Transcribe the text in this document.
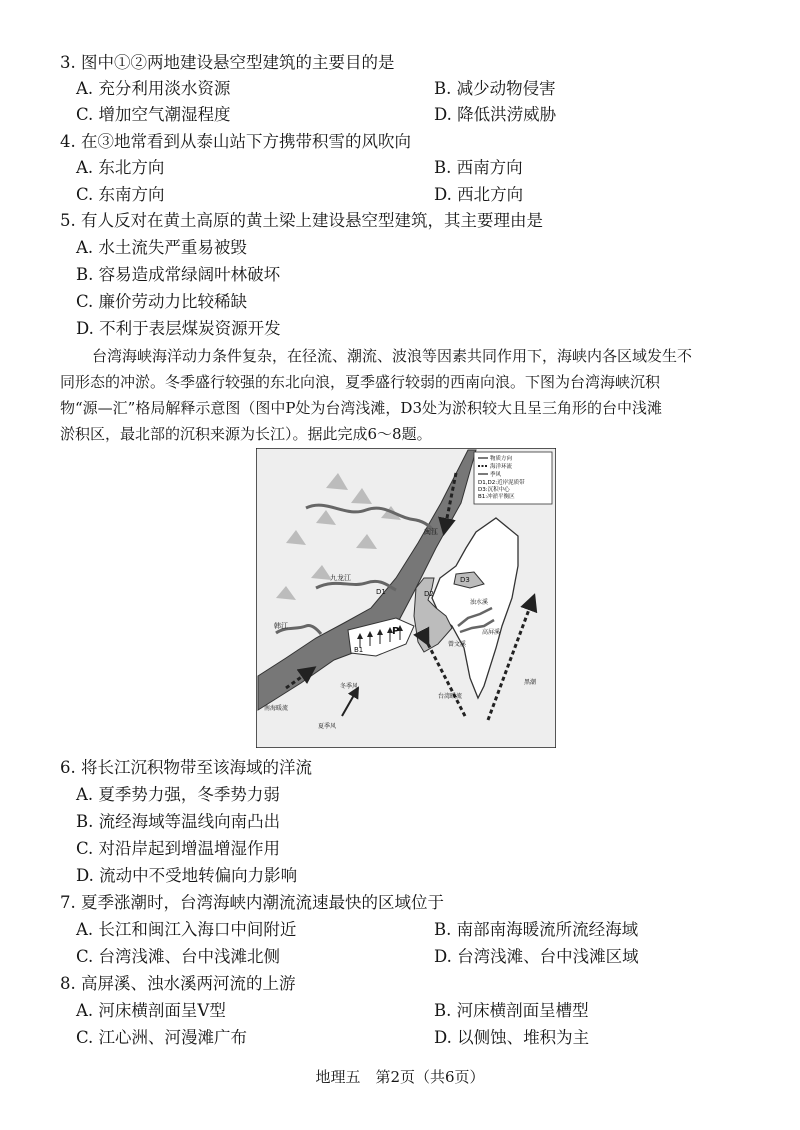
3. 图中①②两地建设悬空型建筑的主要目的是
A. 充分利用淡水资源	B. 减少动物侵害
C. 增加空气潮湿程度	D. 降低洪涝威胁
4. 在③地常看到从泰山站下方携带积雪的风吹向
A. 东北方向	B. 西南方向
C. 东南方向	D. 西北方向
5. 有人反对在黄土高原的黄土梁上建设悬空型建筑，其主要理由是
A. 水土流失严重易被毁
B. 容易造成常绿阔叶林破坏
C. 廉价劳动力比较稀缺
D. 不利于表层煤炭资源开发
台湾海峡海洋动力条件复杂，在径流、潮流、波浪等因素共同作用下，海峡内各区域发生不
同形态的冲淤。冬季盛行较强的东北向浪，夏季盛行较弱的西南向浪。下图为台湾海峡沉积
物“源—汇”格局解释示意图（图中P处为台湾浅滩，D3处为淤积较大且呈三角形的台中浅滩
淤积区，最北部的沉积来源为长江）。据此完成6～8题。
物质方向
海洋环流
季风
D1,D2:近岸泥质带
D3:沉积中心
B1:冲淤平衡区
闽江
九龙江
韩江
D1	D2
D3
B1
P
浊水溪
高屏溪
曾文溪
冬季风
夏季风
南海暖流
台湾暖流
黑潮
6. 将长江沉积物带至该海域的洋流
A. 夏季势力强，冬季势力弱
B. 流经海域等温线向南凸出
C. 对沿岸起到增温增湿作用
D. 流动中不受地转偏向力影响
7. 夏季涨潮时，台湾海峡内潮流流速最快的区域位于
A. 长江和闽江入海口中间附近	B. 南部南海暖流所流经海域
C. 台湾浅滩、台中浅滩北侧	D. 台湾浅滩、台中浅滩区域
8. 高屏溪、浊水溪两河流的上游
A. 河床横剖面呈V型	B. 河床横剖面呈槽型
C. 江心洲、河漫滩广布	D. 以侧蚀、堆积为主
地理五　第2页（共6页）
